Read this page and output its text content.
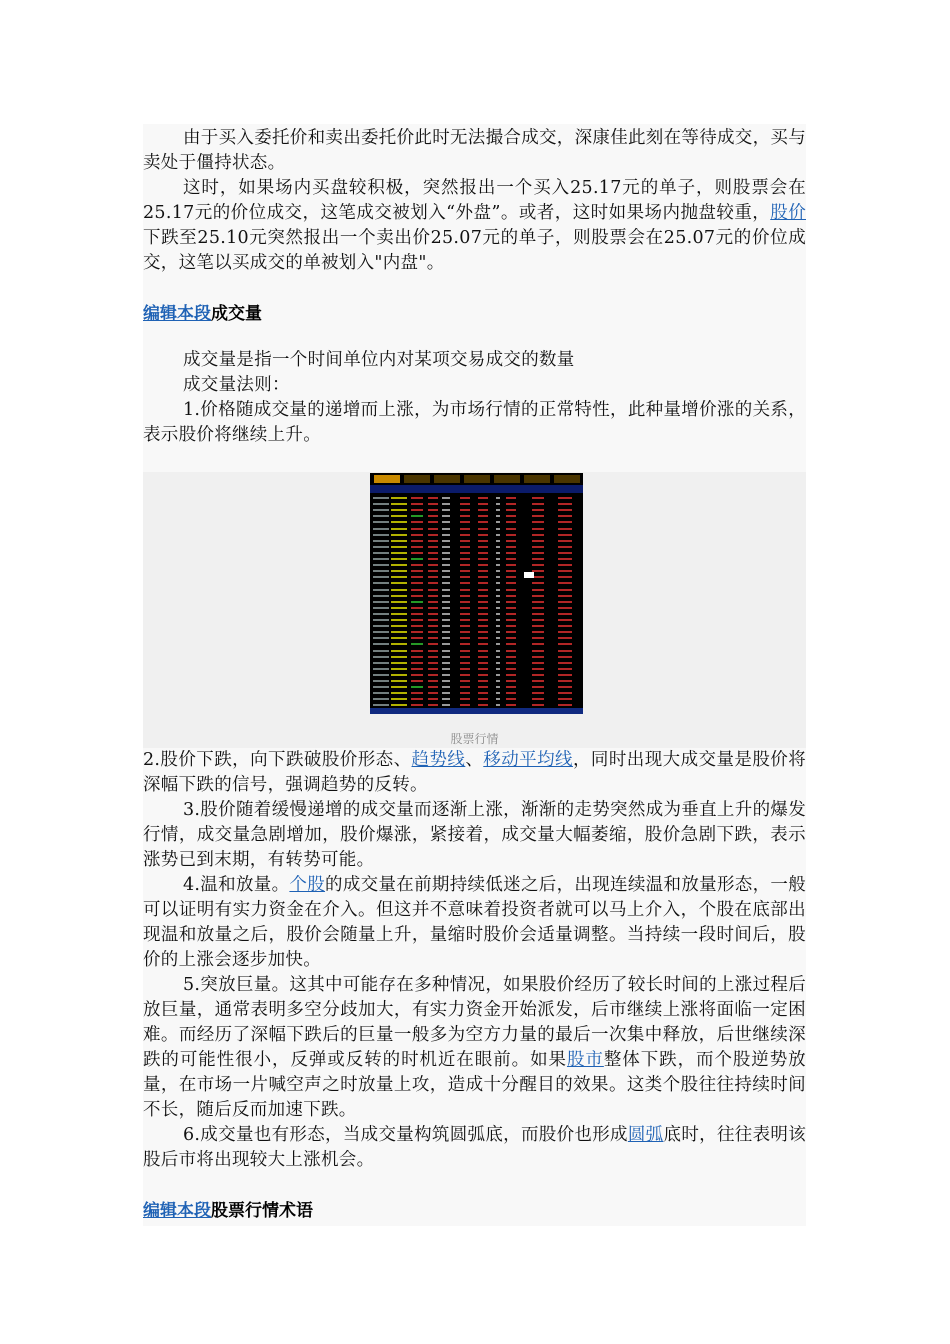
由于买入委托价和卖出委托价此时无法撮合成交，深康佳此刻在等待成交，买与卖处于僵持状态。

这时，如果场内买盘较积极，突然报出一个买入25.17元的单子，则股票会在25.17元的价位成交，这笔成交被划入“外盘”。或者，这时如果场内抛盘较重，股价下跌至25.10元突然报出一个卖出价25.07元的单子，则股票会在25.07元的价位成交，这笔以买成交的单被划入"内盘"。

编辑本段成交量

成交量是指一个时间单位内对某项交易成交的数量

成交量法则：

1.价格随成交量的递增而上涨，为市场行情的正常特性，此种量增价涨的关系，表示股价将继续上升。

股票行情

2.股价下跌，向下跌破股价形态、趋势线、移动平均线，同时出现大成交量是股价将深幅下跌的信号，强调趋势的反转。

3.股价随着缓慢递增的成交量而逐渐上涨，渐渐的走势突然成为垂直上升的爆发行情，成交量急剧增加，股价爆涨，紧接着，成交量大幅萎缩，股价急剧下跌，表示涨势已到末期，有转势可能。

4.温和放量。个股的成交量在前期持续低迷之后，出现连续温和放量形态，一般可以证明有实力资金在介入。但这并不意味着投资者就可以马上介入，个股在底部出现温和放量之后，股价会随量上升，量缩时股价会适量调整。当持续一段时间后，股价的上涨会逐步加快。

5.突放巨量。这其中可能存在多种情况，如果股价经历了较长时间的上涨过程后放巨量，通常表明多空分歧加大，有实力资金开始派发，后市继续上涨将面临一定困难。而经历了深幅下跌后的巨量一般多为空方力量的最后一次集中释放，后世继续深跌的可能性很小，反弹或反转的时机近在眼前。如果股市整体下跌，而个股逆势放量，在市场一片喊空声之时放量上攻，造成十分醒目的效果。这类个股往往持续时间不长，随后反而加速下跌。

6.成交量也有形态，当成交量构筑圆弧底，而股价也形成圆弧底时，往往表明该股后市将出现较大上涨机会。

编辑本段股票行情术语
